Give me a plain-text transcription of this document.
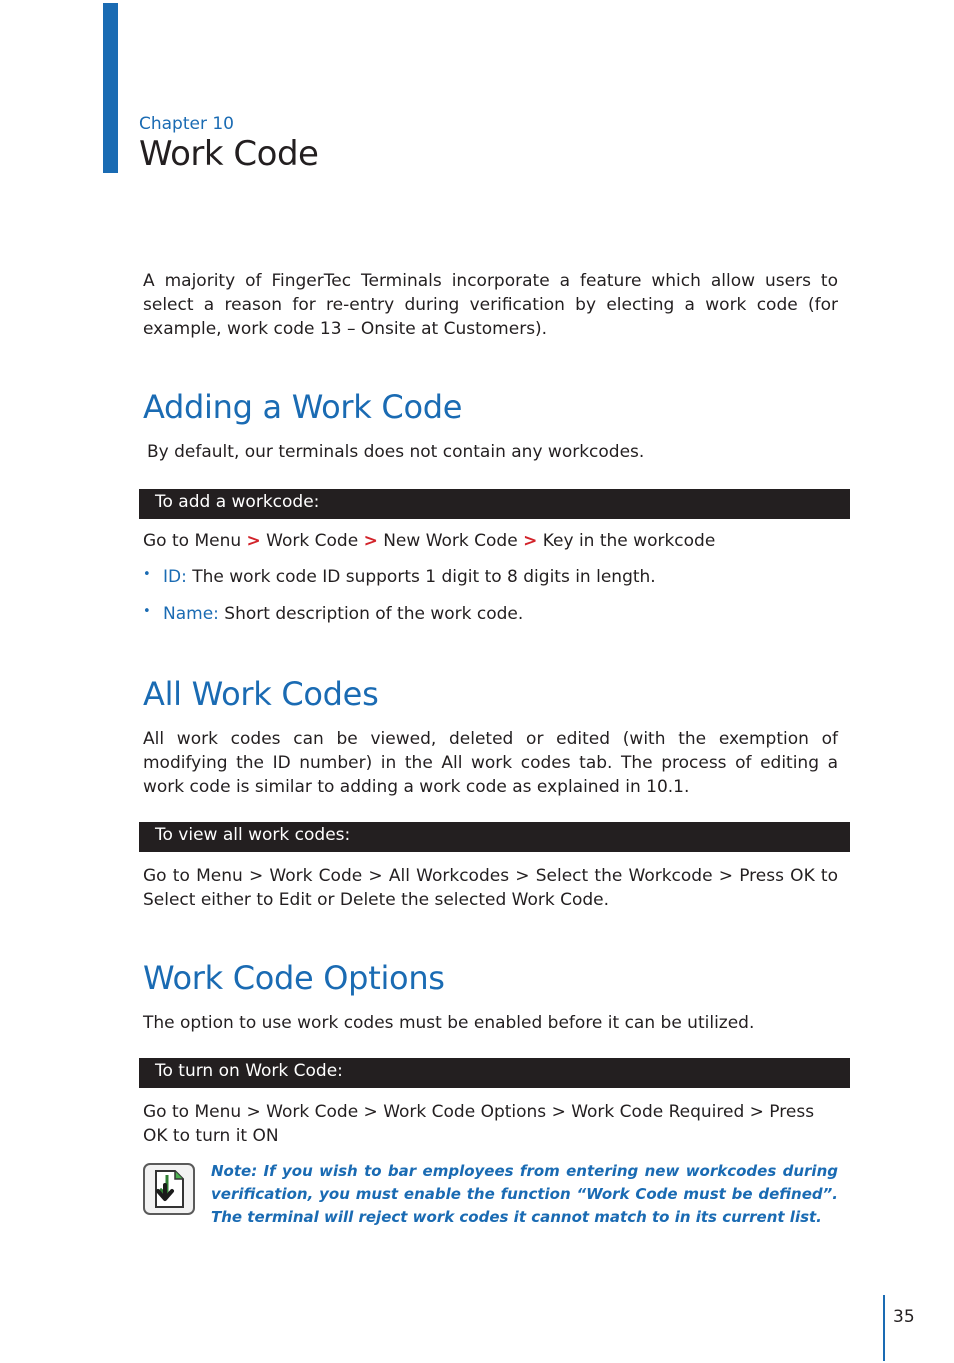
Chapter 10
Work Code
A majority of FingerTec Terminals incorporate a feature which allow users to select a reason for re-entry during verification by electing a work code (for example, work code 13 – Onsite at Customers).
Adding a Work Code
By default, our terminals does not contain any workcodes.
To add a workcode:
Go to Menu > Work Code > New Work Code > Key in the workcode
• ID: The work code ID supports 1 digit to 8 digits in length.
• Name: Short description of the work code.
All Work Codes
All work codes can be viewed, deleted or edited (with the exemption of modifying the ID number) in the All work codes tab. The process of editing a work code is similar to adding a work code as explained in 10.1.
To view all work codes:
Go to Menu > Work Code > All Workcodes > Select the Workcode > Press OK to Select either to Edit or Delete the selected Work Code.
Work Code Options
The option to use work codes must be enabled before it can be utilized.
To turn on Work Code:
Go to Menu > Work Code > Work Code Options > Work Code Required > Press OK to turn it ON
Note: If you wish to bar employees from entering new workcodes during verification, you must enable the function “Work Code must be defined”. The terminal will reject work codes it cannot match to in its current list.
35
